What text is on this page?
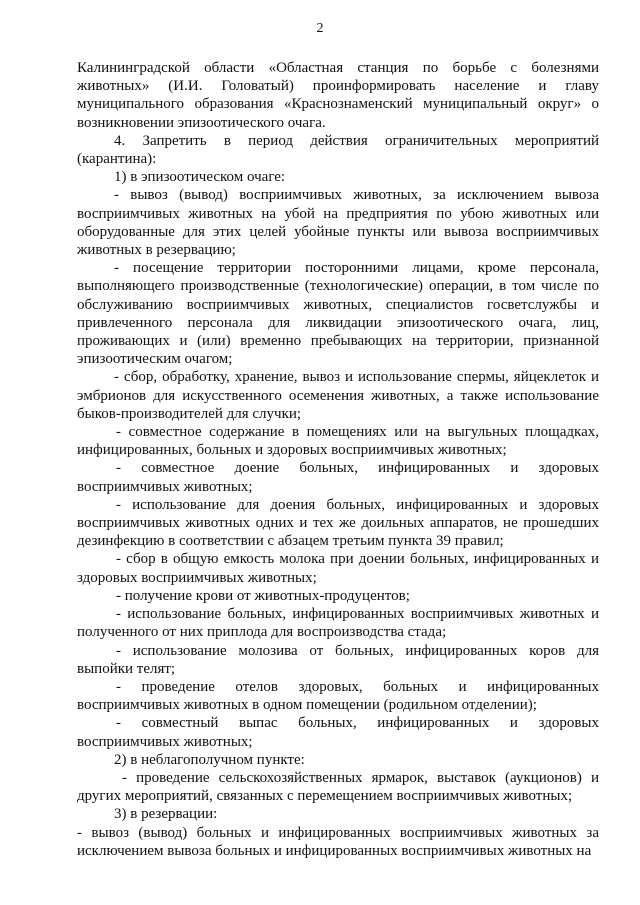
2

Калининградской области «Областная станция по борьбе с болезнями животных» (И.И. Головатый) проинформировать население и главу муниципального образования «Краснознаменский муниципальный округ» о возникновении эпизоотического очага.

4. Запретить в период действия ограничительных мероприятий (карантина):

1) в эпизоотическом очаге:

- вывоз (вывод) восприимчивых животных, за исключением вывоза восприимчивых животных на убой на предприятия по убою животных или оборудованные для этих целей убойные пункты или вывоза восприимчивых животных в резервацию;

- посещение территории посторонними лицами, кроме персонала, выполняющего производственные (технологические) операции, в том числе по обслуживанию восприимчивых животных, специалистов госветслужбы и привлеченного персонала для ликвидации эпизоотического очага, лиц, проживающих и (или) временно пребывающих на территории, признанной эпизоотическим очагом;

- сбор, обработку, хранение, вывоз и использование спермы, яйцеклеток и эмбрионов для искусственного осеменения животных, а также использование быков-производителей для случки;

- совместное содержание в помещениях или на выгульных площадках, инфицированных, больных и здоровых восприимчивых животных;

- совместное доение больных, инфицированных и здоровых восприимчивых животных;

- использование для доения больных, инфицированных и здоровых восприимчивых животных одних и тех же доильных аппаратов, не прошедших дезинфекцию в соответствии с абзацем третьим пункта 39 правил;

- сбор в общую емкость молока при доении больных, инфицированных и здоровых восприимчивых животных;

- получение крови от животных-продуцентов;

- использование больных, инфицированных восприимчивых животных и полученного от них приплода для воспроизводства стада;

- использование молозива от больных, инфицированных коров для выпойки телят;

- проведение отелов здоровых, больных и инфицированных восприимчивых животных в одном помещении (родильном отделении);

- совместный выпас больных, инфицированных и здоровых восприимчивых животных;

2) в неблагополучном пункте:

- проведение сельскохозяйственных ярмарок, выставок (аукционов) и других мероприятий, связанных с перемещением восприимчивых животных;

3) в резервации:

- вывоз (вывод) больных и инфицированных восприимчивых животных за исключением вывоза больных и инфицированных восприимчивых животных на
